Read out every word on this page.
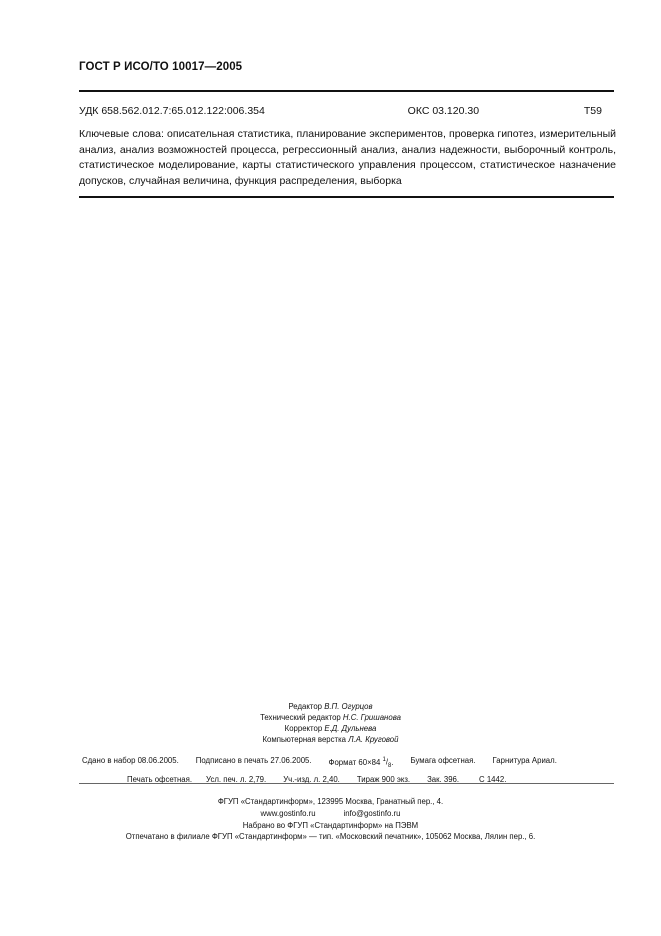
ГОСТ Р ИСО/ТО 10017—2005
УДК 658.562.012.7:65.012.122:006.354	ОКС 03.120.30	Т59
Ключевые слова: описательная статистика, планирование экспериментов, проверка гипотез, измерительный анализ, анализ возможностей процесса, регрессионный анализ, анализ надежности, выборочный контроль, статистическое моделирование, карты статистического управления процессом, статистическое назначение допусков, случайная величина, функция распределения, выборка
Редактор В.П. Огурцов
Технический редактор Н.С. Гришанова
Корректор Е.Д. Дульнева
Компьютерная верстка Л.А. Круговой
Сдано в набор 08.06.2005. Подписано в печать 27.06.2005. Формат 60×84 $^1/_8$. Бумага офсетная. Гарнитура Ариал.
Печать офсетная. Усл. печ. л. 2,79. Уч.-изд. л. 2,40. Тираж 900 экз. Зак. 396.	С 1442.
ФГУП «Стандартинформ», 123995 Москва, Гранатный пер., 4.
www.gostinfo.ru	info@gostinfo.ru
Набрано во ФГУП «Стандартинформ» на ПЭВМ
Отпечатано в филиале ФГУП «Стандартинформ» — тип. «Московский печатник», 105062 Москва, Лялин пер., 6.
